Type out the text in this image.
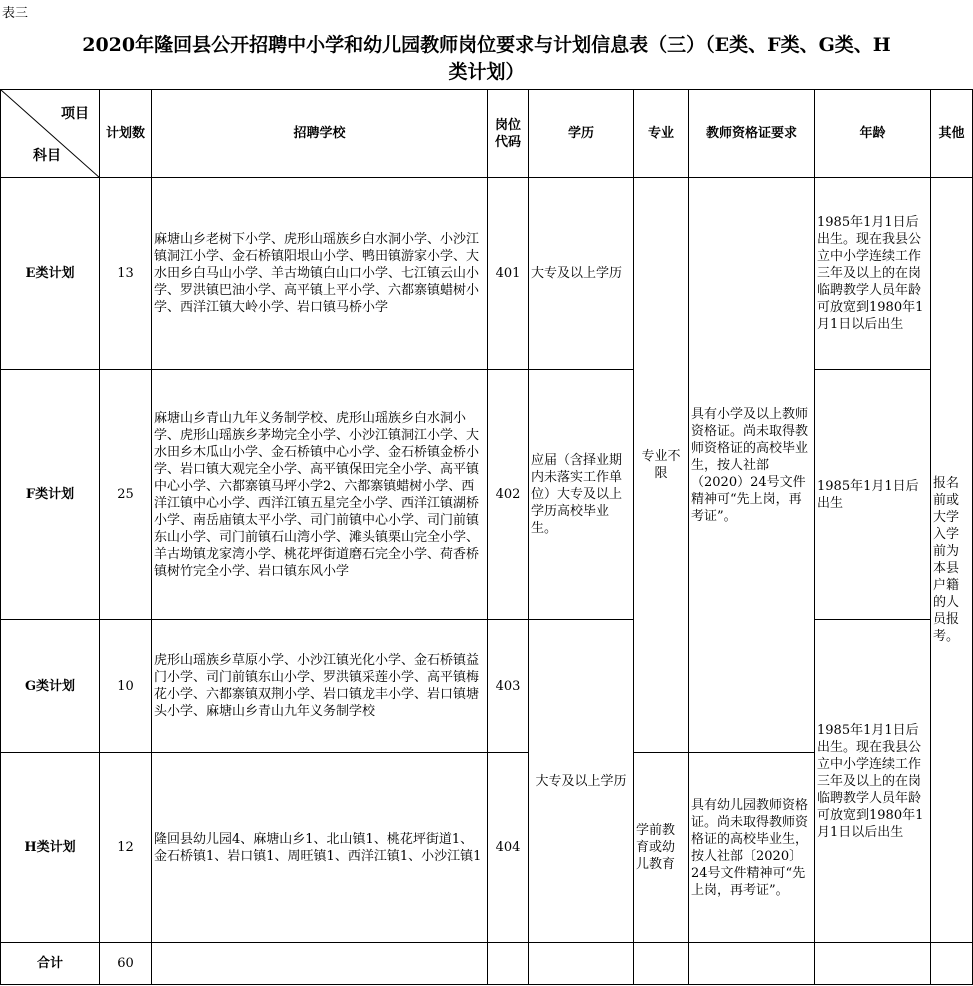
表三
2020年隆回县公开招聘中小学和幼儿园教师岗位要求与计划信息表（三）（E类、F类、G类、H
类计划）
项目
科目	计划数	招聘学校	岗位代码	学历	专业	教师资格证要求	年龄	其他
E类计划	13	麻塘山乡老树下小学、虎形山瑶族乡白水洞小学、小沙江镇洞江小学、金石桥镇阳垠山小学、鸭田镇游家小学、大水田乡白马山小学、羊古坳镇白山口小学、七江镇云山小学、罗洪镇巴油小学、高平镇上平小学、六都寨镇蜡树小学、西洋江镇大岭小学、岩口镇马桥小学	401	大专及以上学历	专业不限	具有小学及以上教师资格证。尚未取得教师资格证的高校毕业生，按人社部（2020）24号文件精神可“先上岗，再考证”。	1985年1月1日后出生。现在我县公立中小学连续工作三年及以上的在岗临聘教学人员年龄可放宽到1980年1月1日以后出生	报名前或大学入学前为本县户籍的人员报考。
F类计划	25	麻塘山乡青山九年义务制学校、虎形山瑶族乡白水洞小学、虎形山瑶族乡茅坳完全小学、小沙江镇洞江小学、大水田乡木瓜山小学、金石桥镇中心小学、金石桥镇金桥小学、岩口镇大观完全小学、高平镇保田完全小学、高平镇中心小学、六都寨镇马坪小学2、六都寨镇蜡树小学、西洋江镇中心小学、西洋江镇五星完全小学、西洋江镇湖桥小学、南岳庙镇太平小学、司门前镇中心小学、司门前镇东山小学、司门前镇石山湾小学、滩头镇栗山完全小学、羊古坳镇龙家湾小学、桃花坪街道磨石完全小学、荷香桥镇树竹完全小学、岩口镇东风小学	402	应届（含择业期内未落实工作单位）大专及以上学历高校毕业生。			1985年1月1日后出生	
G类计划	10	虎形山瑶族乡草原小学、小沙江镇光化小学、金石桥镇益门小学、司门前镇东山小学、罗洪镇采莲小学、高平镇梅花小学、六都寨镇双荆小学、岩口镇龙丰小学、岩口镇塘头小学、麻塘山乡青山九年义务制学校	403	大专及以上学历			1985年1月1日后出生。现在我县公立中小学连续工作三年及以上的在岗临聘教学人员年龄可放宽到1980年1月1日以后出生	
H类计划	12	隆回县幼儿园4、麻塘山乡1、北山镇1、桃花坪街道1、金石桥镇1、岩口镇1、周旺镇1、西洋江镇1、小沙江镇1	404		学前教育或幼儿教育	具有幼儿园教师资格证。尚未取得教师资格证的高校毕业生，按人社部〔2020〕24号文件精神可“先上岗，再考证”。		
合计	60							
